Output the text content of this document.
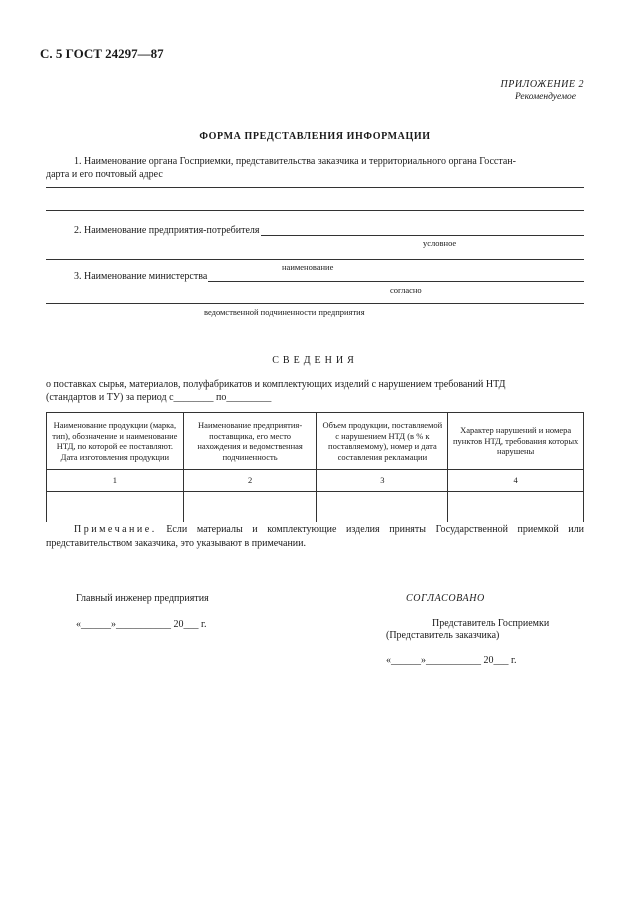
С. 5 ГОСТ 24297—87
ПРИЛОЖЕНИЕ 2
Рекомендуемое
ФОРМА ПРЕДСТАВЛЕНИЯ ИНФОРМАЦИИ
1. Наименование органа Госприемки, представительства заказчика и территориального органа Госстан-
дарта и его почтовый адрес
2. Наименование предприятия-потребителя
условное
наименование
3. Наименование министерства
согласно
ведомственной подчиненности предприятия
СВЕДЕНИЯ
о поставках сырья, материалов, полуфабрикатов и комплектующих изделий с нарушением требований НТД
(стандартов и ТУ) за период с________ по_________
Наименование продукции (марка, тип), обозначение и наименование НТД, по которой ее поставляют. Дата изготовления продукции	Наименование предприятия-поставщика, его место нахождения и ведомственная подчиненность	Объем продукции, поставляемой с нарушением НТД (в % к поставляемому), номер и дата составления рекламации	Характер нарушений и номера пунктов НТД, требования которых нарушены
1	2	3	4

Примечание. Если материалы и комплектующие изделия приняты Государственной приемкой или представительством заказчика, это указывают в примечании.
Главный инженер предприятия
«______»___________ 20___ г.
СОГЛАСОВАНО
Представитель Госприемки
(Представитель заказчика)
«______»___________ 20___ г.
